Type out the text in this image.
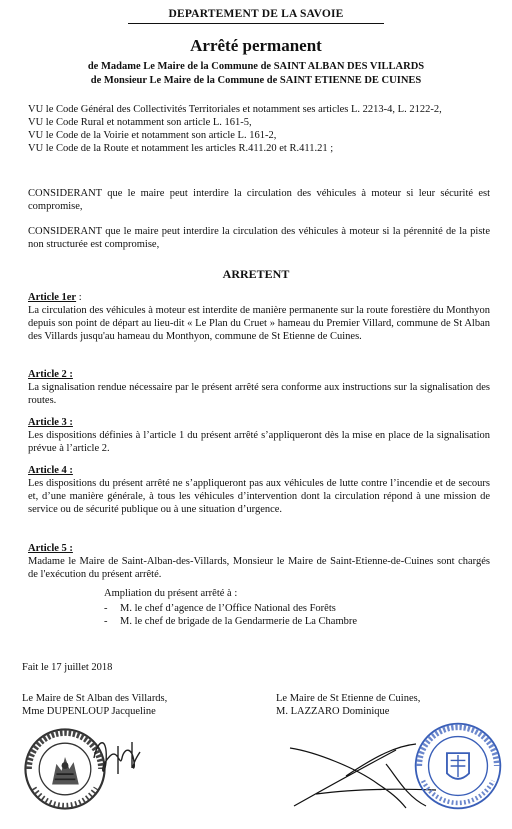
DEPARTEMENT DE LA SAVOIE
Arrêté permanent
de Madame Le Maire de la Commune de SAINT ALBAN DES VILLARDS
de Monsieur Le Maire de la Commune de SAINT ETIENNE DE CUINES
VU le Code Général des Collectivités Territoriales et notamment ses articles L. 2213-4, L. 2122-2,
VU le Code Rural et notamment son article L. 161-5,
VU le Code de la Voirie et notamment son article L. 161-2,
VU le Code de la Route et notamment les articles R.411.20 et R.411.21 ;
CONSIDERANT que le maire peut interdire la circulation des véhicules à moteur si leur sécurité est compromise,
CONSIDERANT que le maire peut interdire la circulation des véhicules à moteur si la pérennité de la piste non structurée est compromise,
ARRETENT
Article 1er :
La circulation des véhicules à moteur est interdite de manière permanente sur la route forestière du Monthyon depuis son point de départ au lieu-dit « Le Plan du Cruet » hameau du Premier Villard, commune de St Alban des Villards jusqu'au hameau du Monthyon, commune de St Etienne de Cuines.
Article 2 :
La signalisation rendue nécessaire par le présent arrêté sera conforme aux instructions sur la signalisation des routes.
Article 3 :
Les dispositions définies à l’article 1 du présent arrêté s’appliqueront dès la mise en place de la signalisation prévue à l’article 2.
Article 4 :
Les dispositions du présent arrêté ne s’appliqueront pas aux véhicules de lutte contre l’incendie et de secours et, d’une manière générale, à tous les véhicules d’intervention dont la circulation répond à une mission de service ou de sécurité publique ou à une situation d’urgence.
Article 5 :
Madame le Maire de Saint-Alban-des-Villards, Monsieur le Maire de Saint-Etienne-de-Cuines sont chargés de l'exécution du présent arrêté.
Ampliation du présent arrêté à :
- M. le chef d’agence de l’Office National des Forêts
- M. le chef de brigade de la Gendarmerie de La Chambre
Fait le 17 juillet 2018
Le Maire de St Alban des Villards,
Mme DUPENLOUP Jacqueline
Le Maire de St Etienne de Cuines,
M. LAZZARO Dominique
